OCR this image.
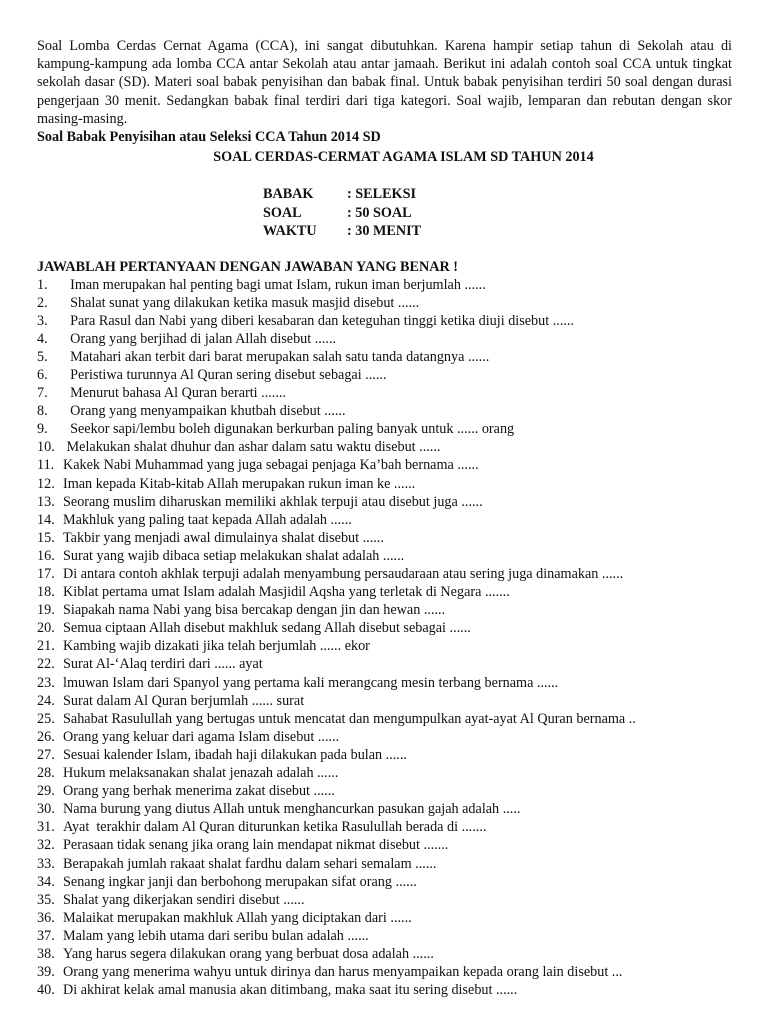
Soal Lomba Cerdas Cernat Agama (CCA), ini sangat dibutuhkan. Karena hampir setiap tahun di Sekolah atau di kampung-kampung ada lomba CCA antar Sekolah atau antar jamaah. Berikut ini adalah contoh soal CCA untuk tingkat sekolah dasar (SD). Materi soal babak penyisihan dan babak final. Untuk babak penyisihan terdiri 50 soal dengan durasi pengerjaan 30 menit. Sedangkan babak final terdiri dari tiga kategori. Soal wajib, lemparan dan rebutan dengan skor masing-masing.

Soal Babak Penyisihan atau Seleksi CCA Tahun 2014 SD

SOAL CERDAS-CERMAT AGAMA ISLAM SD TAHUN 2014

BABAK	: SELEKSI
SOAL	: 50 SOAL
WAKTU	: 30 MENIT

JAWABLAH PERTANYAAN DENGAN JAWABAN YANG BENAR !

1.	Iman merupakan hal penting bagi umat Islam, rukun iman berjumlah ......
2.	Shalat sunat yang dilakukan ketika masuk masjid disebut ......
3.	Para Rasul dan Nabi yang diberi kesabaran dan keteguhan tinggi ketika diuji disebut ......
4.	Orang yang berjihad di jalan Allah disebut ......
5.	Matahari akan terbit dari barat merupakan salah satu tanda datangnya ......
6.	Peristiwa turunnya Al Quran sering disebut sebagai ......
7.	Menurut bahasa Al Quran berarti .......
8.	Orang yang menyampaikan khutbah disebut ......
9.	Seekor sapi/lembu boleh digunakan berkurban paling banyak untuk ...... orang
10. Melakukan shalat dhuhur dan ashar dalam satu waktu disebut ......
11. Kakek Nabi Muhammad yang juga sebagai penjaga Ka’bah bernama ......
12. Iman kepada Kitab-kitab Allah merupakan rukun iman ke ......
13. Seorang muslim diharuskan memiliki akhlak terpuji atau disebut juga ......
14. Makhluk yang paling taat kepada Allah adalah ......
15. Takbir yang menjadi awal dimulainya shalat disebut ......
16. Surat yang wajib dibaca setiap melakukan shalat adalah ......
17. Di antara contoh akhlak terpuji adalah menyambung persaudaraan atau sering juga dinamakan ......
18. Kiblat pertama umat Islam adalah Masjidil Aqsha yang terletak di Negara .......
19. Siapakah nama Nabi yang bisa bercakap dengan jin dan hewan ......
20. Semua ciptaan Allah disebut makhluk sedang Allah disebut sebagai ......
21. Kambing wajib dizakati jika telah berjumlah ...... ekor
22. Surat Al-‘Alaq terdiri dari ...... ayat
23. lmuwan Islam dari Spanyol yang pertama kali merangcang mesin terbang bernama ......
24. Surat dalam Al Quran berjumlah ...... surat
25. Sahabat Rasulullah yang bertugas untuk mencatat dan mengumpulkan ayat-ayat Al Quran bernama ..
26. Orang yang keluar dari agama Islam disebut ......
27. Sesuai kalender Islam, ibadah haji dilakukan pada bulan ......
28. Hukum melaksanakan shalat jenazah adalah ......
29. Orang yang berhak menerima zakat disebut ......
30. Nama burung yang diutus Allah untuk menghancurkan pasukan gajah adalah .....
31. Ayat  terakhir dalam Al Quran diturunkan ketika Rasulullah berada di .......
32. Perasaan tidak senang jika orang lain mendapat nikmat disebut .......
33. Berapakah jumlah rakaat shalat fardhu dalam sehari semalam ......
34. Senang ingkar janji dan berbohong merupakan sifat orang ......
35. Shalat yang dikerjakan sendiri disebut ......
36. Malaikat merupakan makhluk Allah yang diciptakan dari ......
37. Malam yang lebih utama dari seribu bulan adalah ......
38. Yang harus segera dilakukan orang yang berbuat dosa adalah ......
39. Orang yang menerima wahyu untuk dirinya dan harus menyampaikan kepada orang lain disebut ...
40. Di akhirat kelak amal manusia akan ditimbang, maka saat itu sering disebut ......
